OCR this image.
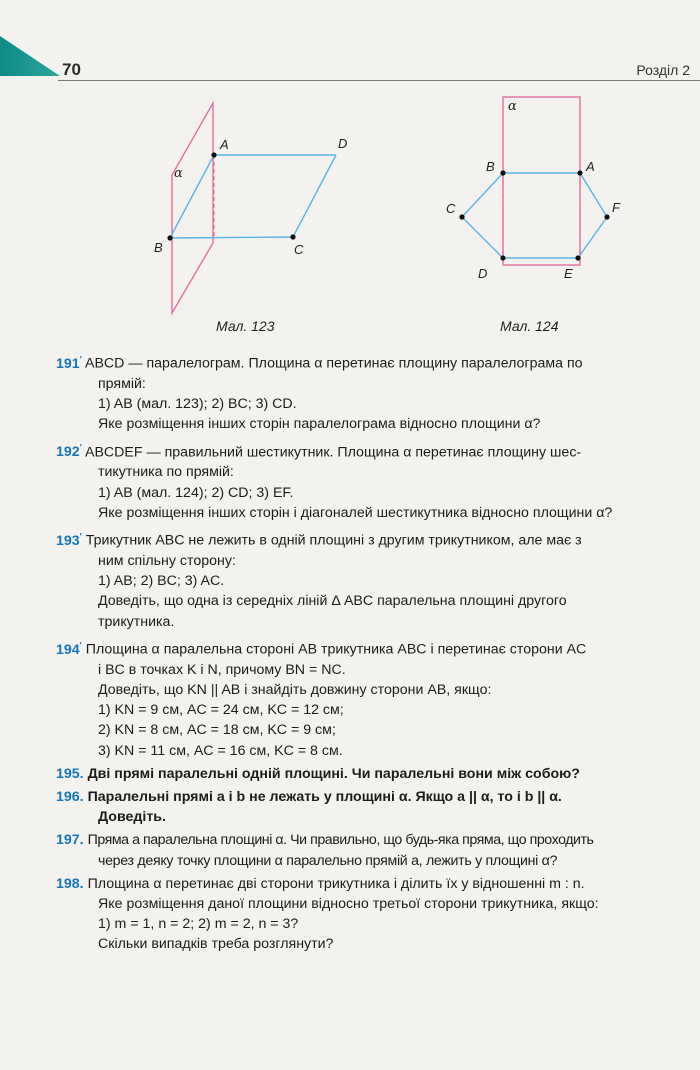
70	Розділ 2
α
A
B	C
D
Мал. 123
α
B	A
C	F
D	E
Мал. 124
191' ABCD — паралелограм. Площина α перетинає площину паралелограма по
прямій:
1) AB (мал. 123); 2) BC; 3) CD.
Яке розміщення інших сторін паралелограма відносно площини α?
192' ABCDEF — правильний шестикутник. Площина α перетинає площину шес-
тикутника по прямій:
1) AB (мал. 124); 2) CD; 3) EF.
Яке розміщення інших сторін і діагоналей шестикутника відносно площини α?
193' Трикутник ABC не лежить в одній площині з другим трикутником, але має з
ним спільну сторону:
1) AB; 2) BC; 3) AC.
Доведіть, що одна із середніх ліній Δ ABC паралельна площині другого
трикутника.
194' Площина α паралельна стороні AB трикутника ABC і перетинає сторони AC
і BC в точках K і N, причому BN = NC.
Доведіть, що KN || AB і знайдіть довжину сторони AB, якщо:
1) KN = 9 см, AC = 24 см, KC = 12 см;
2) KN = 8 см, AC = 18 см, KC = 9 см;
3) KN = 11 см, AC = 16 см, KC = 8 см.
195. Дві прямі паралельні одній площині. Чи паралельні вони між собою?
196. Паралельні прямі a і b не лежать у площині α. Якщо a || α, то і b || α.
Доведіть.
197. Пряма a паралельна площині α. Чи правильно, що будь-яка пряма, що проходить
через деяку точку площини α паралельно прямій a, лежить у площині α?
198. Площина α перетинає дві сторони трикутника і ділить їх у відношенні m : n.
Яке розміщення даної площини відносно третьої сторони трикутника, якщо:
1) m = 1, n = 2; 2) m = 2, n = 3?
Скільки випадків треба розглянути?
